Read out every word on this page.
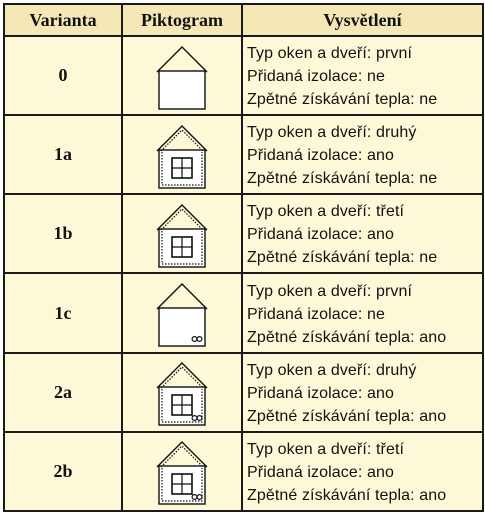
Varianta	Piktogram	Vysvětlení
0		Typ oken a dveří: první
Přidaná izolace: ne
Zpětné získávání tepla: ne

1a		Typ oken a dveří: druhý
Přidaná izolace: ano
Zpětné získávání tepla: ne

1b		Typ oken a dveří: třetí
Přidaná izolace: ano
Zpětné získávání tepla: ne

1c		Typ oken a dveří: první
Přidaná izolace: ne
Zpětné získávání tepla: ano

2a		Typ oken a dveří: druhý
Přidaná izolace: ano
Zpětné získávání tepla: ano

2b		Typ oken a dveří: třetí
Přidaná izolace: ano
Zpětné získávání tepla: ano
